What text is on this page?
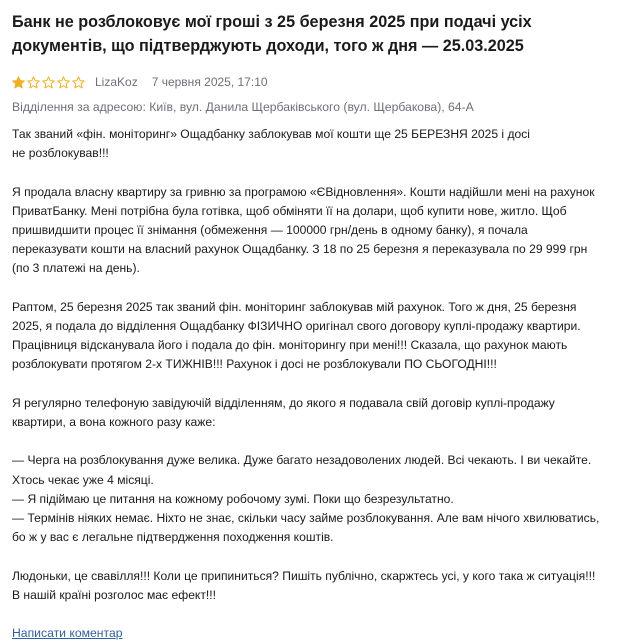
Банк не розблоковує мої гроші з 25 березня 2025 при подачі усіх документів, що підтверджують доходи, того ж дня — 25.03.2025
LizaKoz 7 червня 2025, 17:10
Відділення за адресою: Київ, вул. Данила Щербаківського (вул. Щербакова), 64-А

Так званий «фін. моніторинг» Ощадбанку заблокував мої кошти ще 25 БЕРЕЗНЯ 2025 і досі
не розблокував!!!

Я продала власну квартиру за гривню за програмою «ЄВідновлення». Кошти надійшли мені на рахунок
ПриватБанку. Мені потрібна була готівка, щоб обміняти її на долари, щоб купити нове, житло. Щоб
пришвидшити процес її знімання (обмеження — 100000 грн/день в одному банку), я почала
переказувати кошти на власний рахунок Ощадбанку. З 18 по 25 березня я переказувала по 29 999 грн
(по 3 платежі на день).

Раптом, 25 березня 2025 так званий фін. моніторинг заблокував мій рахунок. Того ж дня, 25 березня
2025, я подала до відділення Ощадбанку ФІЗИЧНО оригінал свого договору куплі-продажу квартири.
Працівниця відсканувала його і подала до фін. моніторингу при мені!!! Сказала, що рахунок мають
розблокувати протягом 2-х ТИЖНІВ!!! Рахунок і досі не розблокували ПО СЬОГОДНІ!!!

Я регулярно телефоную завідуючій відділенням, до якого я подавала свій договір куплі-продажу
квартири, а вона кожного разу каже:

— Черга на розблокування дуже велика. Дуже багато незадоволених людей. Всі чекають. І ви чекайте.
Хтось чекає уже 4 місяці.
— Я підіймаю це питання на кожному робочому зумі. Поки що безрезультатно.
— Термінів ніяких немає. Ніхто не знає, скільки часу займе розблокування. Але вам нічого хвилюватись,
бо ж у вас є легальне підтвердження походження коштів.

Людоньки, це свавілля!!! Коли це припиниться? Пишіть публічно, скаржтесь усі, у кого така ж ситуація!!!
В нашій країні розголос має ефект!!!

Написати коментар
